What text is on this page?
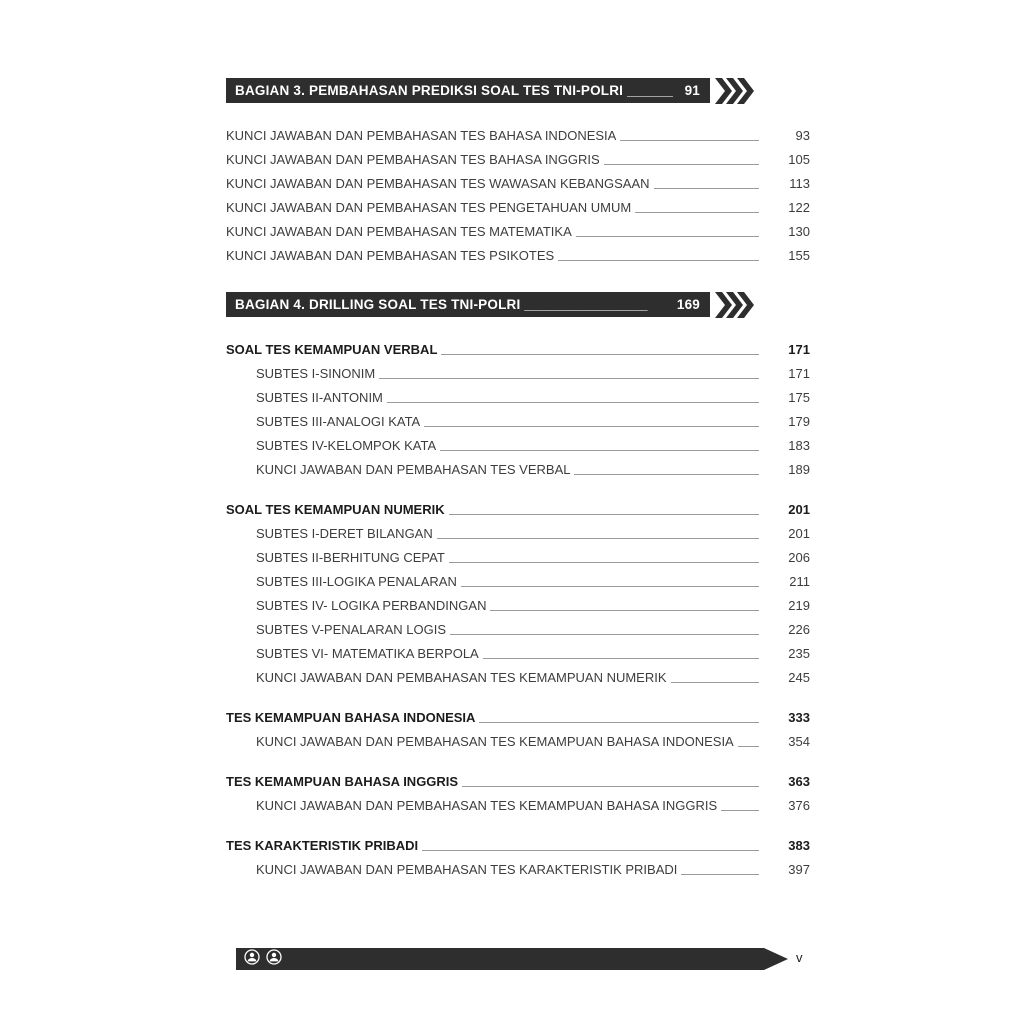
BAGIAN 3. PEMBAHASAN PREDIKSI SOAL TES TNI-POLRI ______ 91
KUNCI JAWABAN DAN PEMBAHASAN TES BAHASA INDONESIA	93
KUNCI JAWABAN DAN PEMBAHASAN TES BAHASA INGGRIS	105
KUNCI JAWABAN DAN PEMBAHASAN TES WAWASAN KEBANGSAAN	113
KUNCI JAWABAN DAN PEMBAHASAN TES PENGETAHUAN UMUM	122
KUNCI JAWABAN DAN PEMBAHASAN TES MATEMATIKA	130
KUNCI JAWABAN DAN PEMBAHASAN TES PSIKOTES	155
BAGIAN 4. DRILLING SOAL TES TNI-POLRI ________________ 169
SOAL TES KEMAMPUAN VERBAL	171
SUBTES I-SINONIM	171
SUBTES II-ANTONIM	175
SUBTES III-ANALOGI KATA	179
SUBTES IV-KELOMPOK KATA	183
KUNCI JAWABAN DAN PEMBAHASAN TES VERBAL	189
SOAL TES KEMAMPUAN NUMERIK	201
SUBTES I-DERET BILANGAN	201
SUBTES II-BERHITUNG CEPAT	206
SUBTES III-LOGIKA PENALARAN	211
SUBTES IV- LOGIKA PERBANDINGAN	219
SUBTES V-PENALARAN LOGIS	226
SUBTES VI- MATEMATIKA BERPOLA	235
KUNCI JAWABAN DAN PEMBAHASAN TES KEMAMPUAN NUMERIK	245
TES KEMAMPUAN BAHASA INDONESIA	333
KUNCI JAWABAN DAN PEMBAHASAN TES KEMAMPUAN BAHASA INDONESIA	354
TES KEMAMPUAN BAHASA INGGRIS	363
KUNCI JAWABAN DAN PEMBAHASAN TES KEMAMPUAN BAHASA INGGRIS	376
TES KARAKTERISTIK PRIBADI	383
KUNCI JAWABAN DAN PEMBAHASAN TES KARAKTERISTIK PRIBADI	397
v
